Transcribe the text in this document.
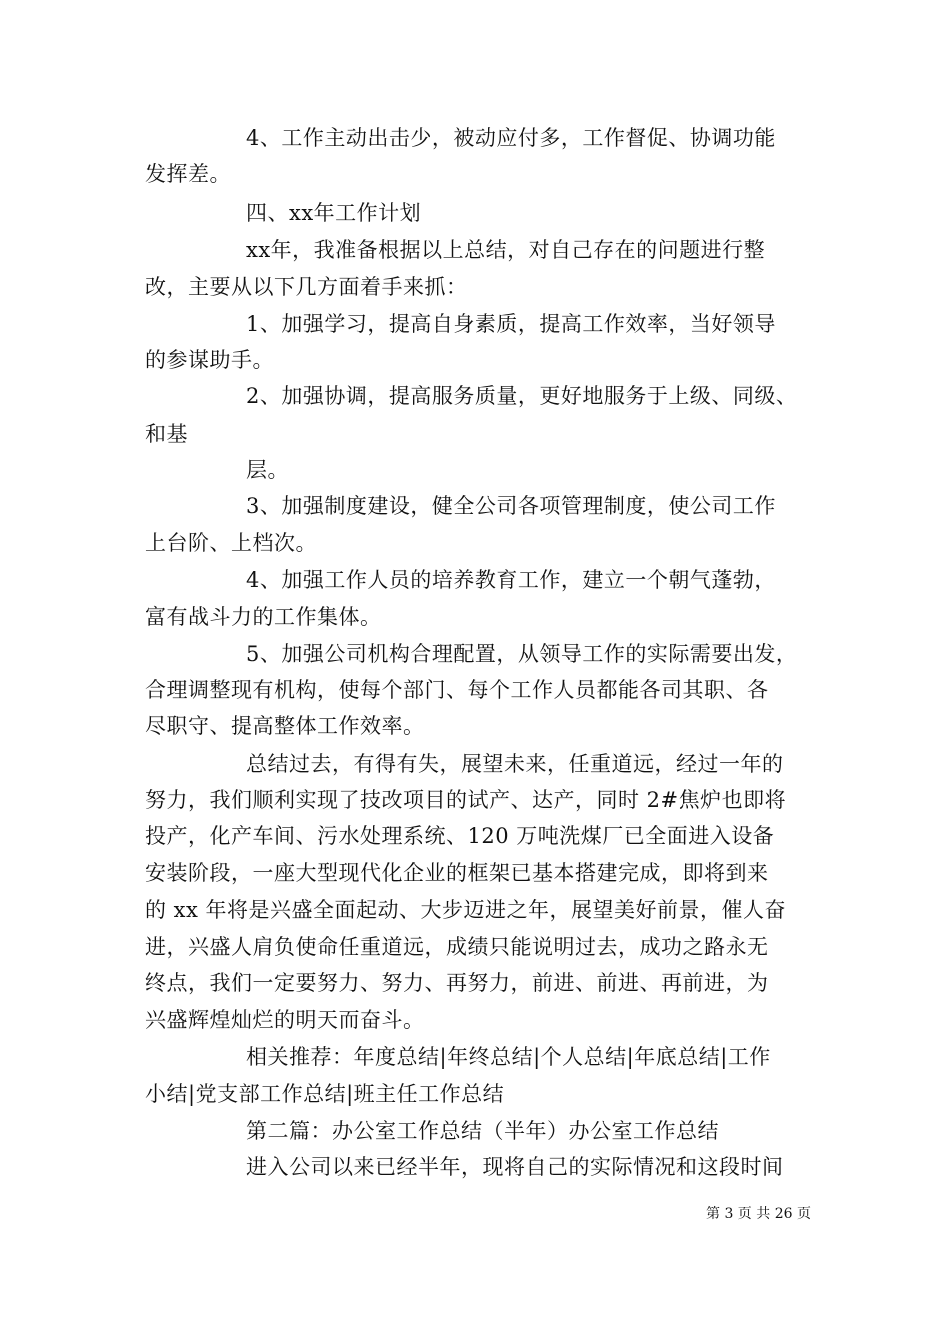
4、工作主动出击少，被动应付多，工作督促、协调功能
发挥差。
四、xx年工作计划
xx年，我准备根据以上总结，对自己存在的问题进行整
改，主要从以下几方面着手来抓：
1、加强学习，提高自身素质，提高工作效率，当好领导
的参谋助手。
2、加强协调，提高服务质量，更好地服务于上级、同级、
和基
层。
3、加强制度建设，健全公司各项管理制度，使公司工作
上台阶、上档次。
4、加强工作人员的培养教育工作，建立一个朝气蓬勃，
富有战斗力的工作集体。
5、加强公司机构合理配置，从领导工作的实际需要出发，
合理调整现有机构，使每个部门、每个工作人员都能各司其职、各
尽职守、提高整体工作效率。
总结过去，有得有失，展望未来，任重道远，经过一年的
努力，我们顺利实现了技改项目的试产、达产，同时 2#焦炉也即将
投产，化产车间、污水处理系统、120 万吨洗煤厂已全面进入设备
安装阶段，一座大型现代化企业的框架已基本搭建完成，即将到来
的 xx 年将是兴盛全面起动、大步迈进之年，展望美好前景，催人奋
进，兴盛人肩负使命任重道远，成绩只能说明过去，成功之路永无
终点，我们一定要努力、努力、再努力，前进、前进、再前进，为
兴盛辉煌灿烂的明天而奋斗。
相关推荐：年度总结|年终总结|个人总结|年底总结|工作
小结|党支部工作总结|班主任工作总结
第二篇：办公室工作总结（半年）办公室工作总结
进入公司以来已经半年，现将自己的实际情况和这段时间
第 3 页 共 26 页
